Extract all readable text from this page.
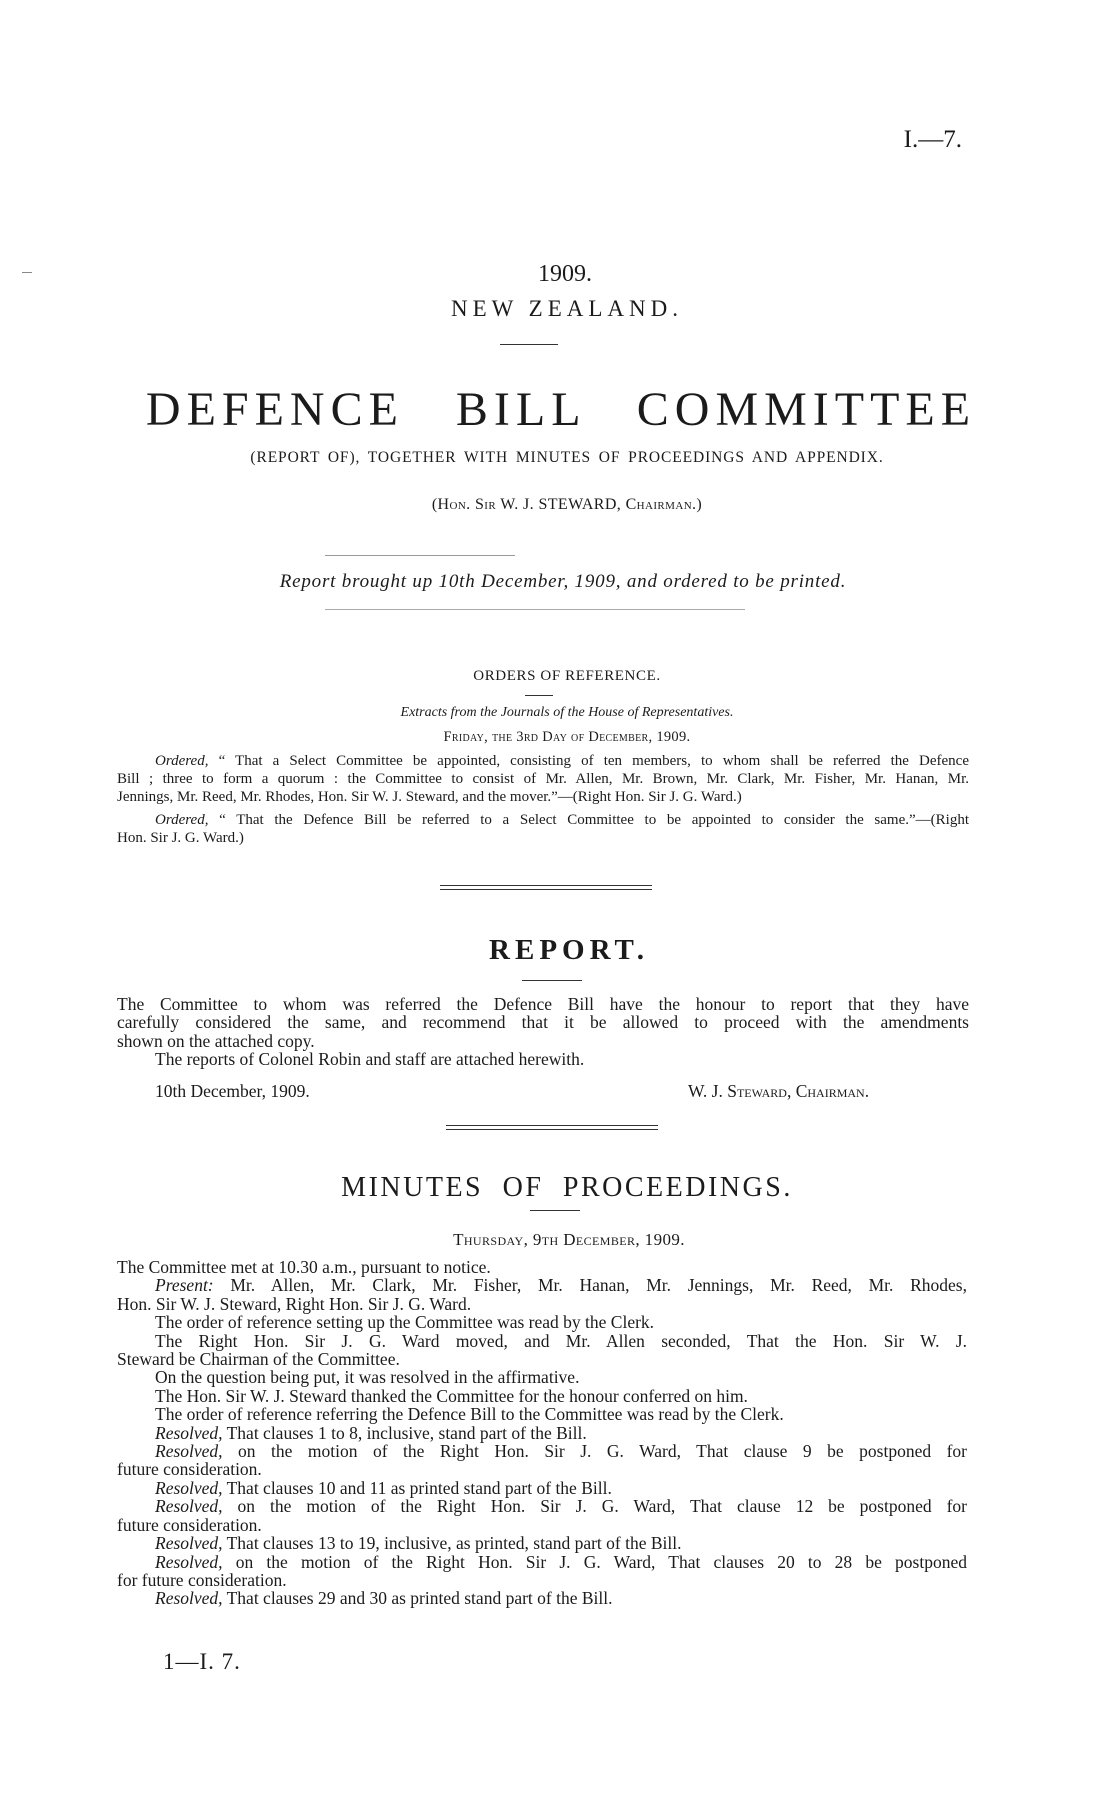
I.—7.
1909.
NEW ZEALAND.
DEFENCE BILL COMMITTEE
(REPORT OF), TOGETHER WITH MINUTES OF PROCEEDINGS AND APPENDIX.
(Hon. Sir W. J. STEWARD, Chairman.)
Report brought up 10th December, 1909, and ordered to be printed.
ORDERS OF REFERENCE.
Extracts from the Journals of the House of Representatives.
Friday, the 3rd Day of December, 1909.
Ordered, “ That a Select Committee be appointed, consisting of ten members, to whom shall be referred the Defence
Bill ; three to form a quorum : the Committee to consist of Mr. Allen, Mr. Brown, Mr. Clark, Mr. Fisher, Mr. Hanan, Mr.
Jennings, Mr. Reed, Mr. Rhodes, Hon. Sir W. J. Steward, and the mover.”—(Right Hon. Sir J. G. Ward.)
Ordered, “ That the Defence Bill be referred to a Select Committee to be appointed to consider the same.”—(Right
Hon. Sir J. G. Ward.)
REPORT.
The Committee to whom was referred the Defence Bill have the honour to report that they have
carefully considered the same, and recommend that it be allowed to proceed with the amendments
shown on the attached copy.
The reports of Colonel Robin and staff are attached herewith.
10th December, 1909.	W. J. Steward, Chairman.
MINUTES OF PROCEEDINGS.
Thursday, 9th December, 1909.
The Committee met at 10.30 a.m., pursuant to notice.
Present: Mr. Allen, Mr. Clark, Mr. Fisher, Mr. Hanan, Mr. Jennings, Mr. Reed, Mr. Rhodes,
Hon. Sir W. J. Steward, Right Hon. Sir J. G. Ward.
The order of reference setting up the Committee was read by the Clerk.
The Right Hon. Sir J. G. Ward moved, and Mr. Allen seconded, That the Hon. Sir W. J.
Steward be Chairman of the Committee.
On the question being put, it was resolved in the affirmative.
The Hon. Sir W. J. Steward thanked the Committee for the honour conferred on him.
The order of reference referring the Defence Bill to the Committee was read by the Clerk.
Resolved, That clauses 1 to 8, inclusive, stand part of the Bill.
Resolved, on the motion of the Right Hon. Sir J. G. Ward, That clause 9 be postponed for
future consideration.
Resolved, That clauses 10 and 11 as printed stand part of the Bill.
Resolved, on the motion of the Right Hon. Sir J. G. Ward, That clause 12 be postponed for
future consideration.
Resolved, That clauses 13 to 19, inclusive, as printed, stand part of the Bill.
Resolved, on the motion of the Right Hon. Sir J. G. Ward, That clauses 20 to 28 be postponed
for future consideration.
Resolved, That clauses 29 and 30 as printed stand part of the Bill.
1—I. 7.
